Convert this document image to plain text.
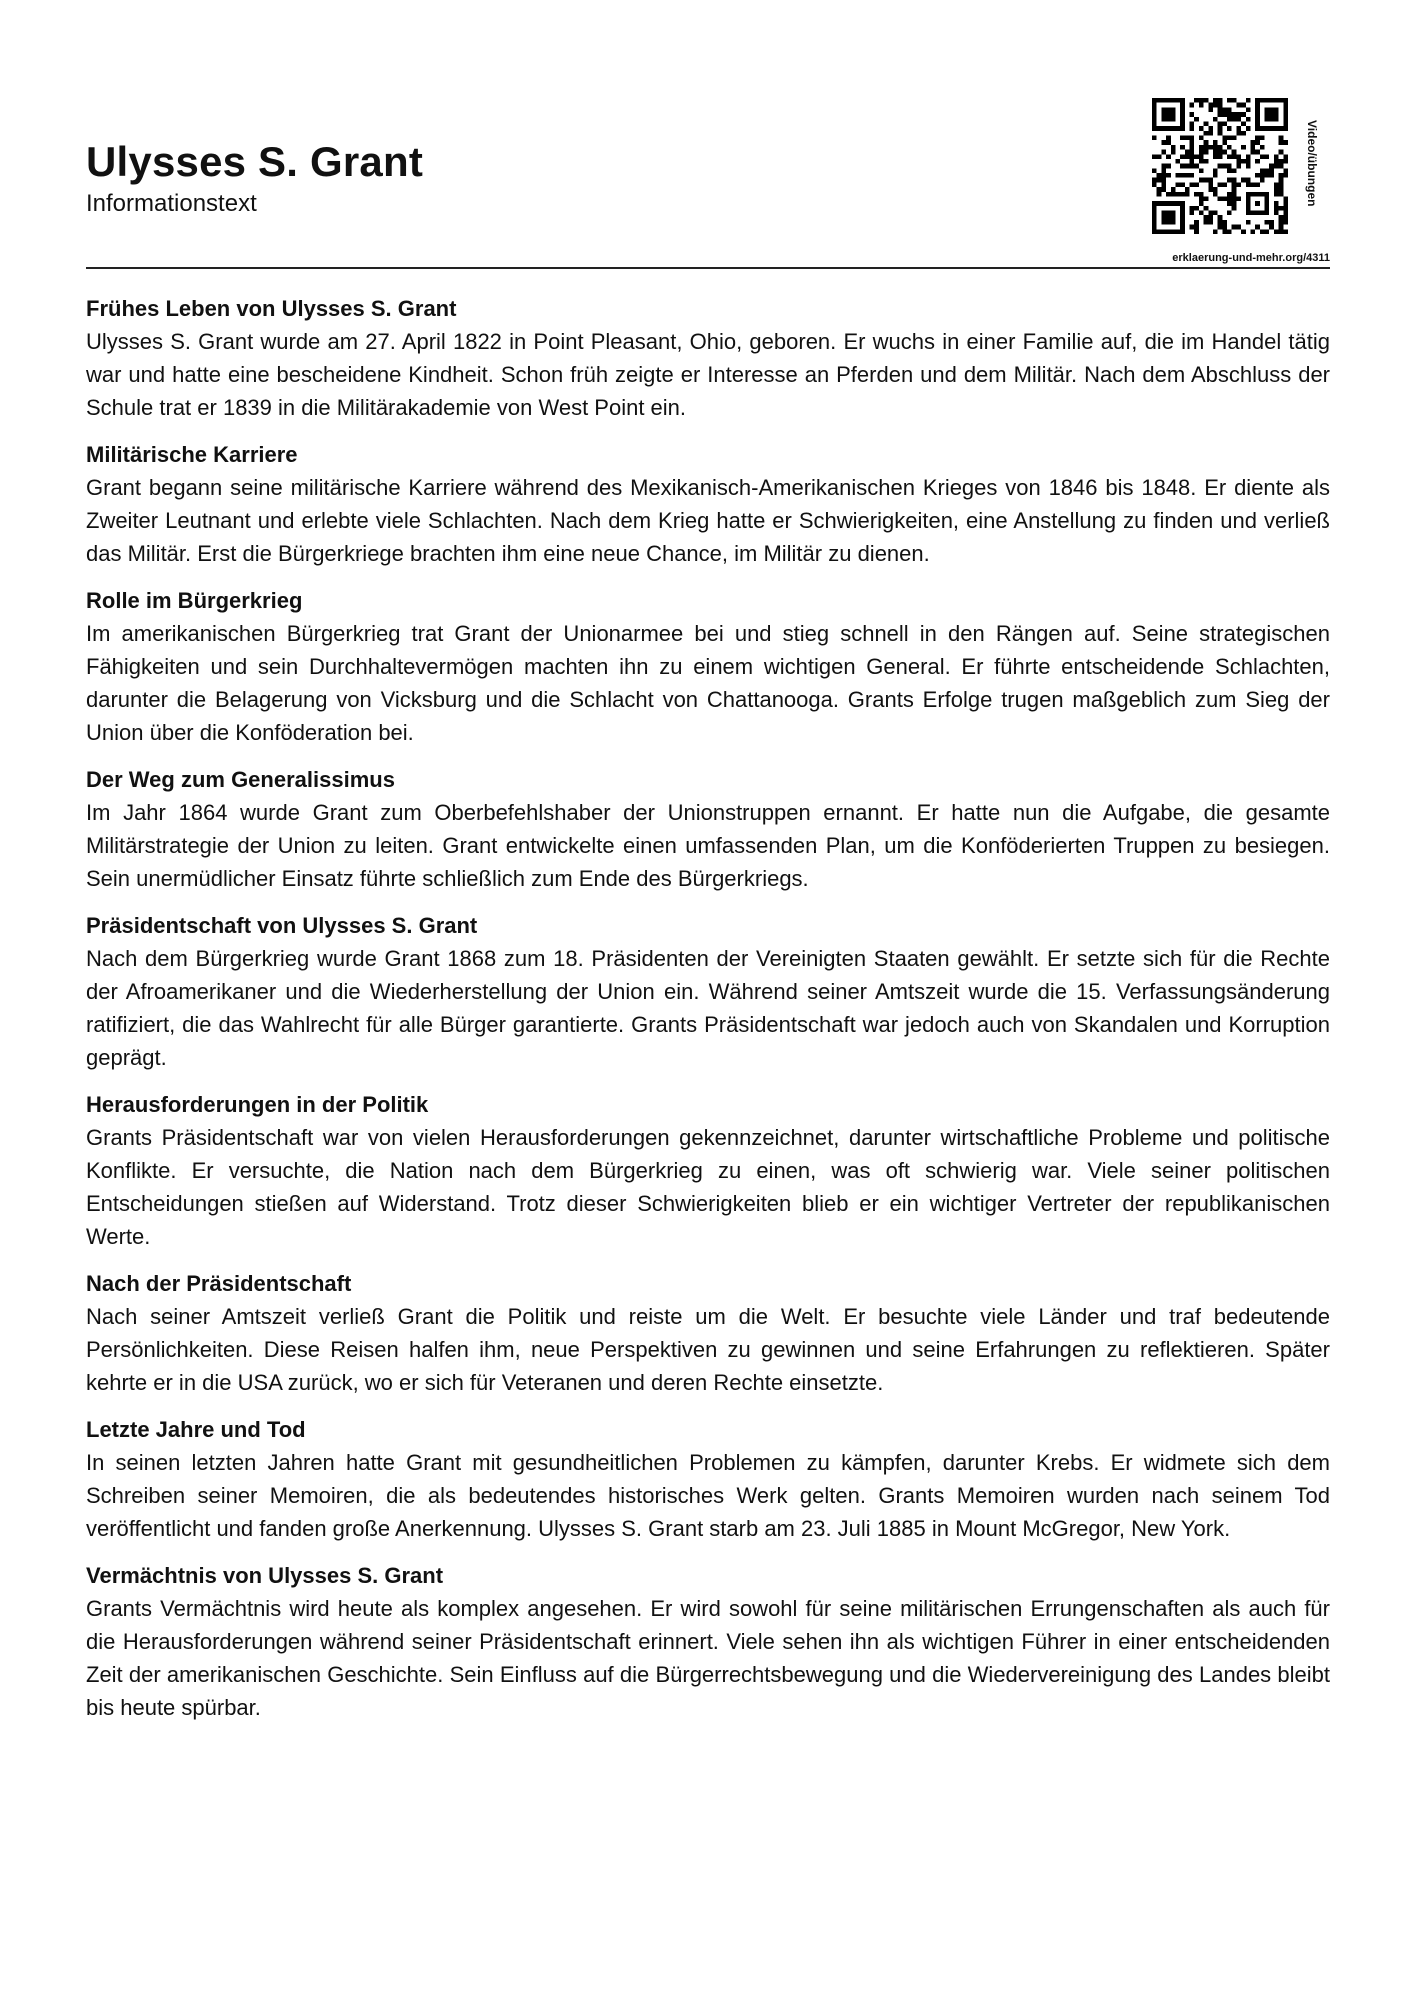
Ulysses S. Grant
Informationstext	Video/übungen
erklaerung-und-mehr.org/4311
Frühes Leben von Ulysses S. Grant

Ulysses S. Grant wurde am 27. April 1822 in Point Pleasant, Ohio, geboren. Er wuchs in einer Familie auf, die im Handel tätig war und hatte eine bescheidene Kindheit. Schon früh zeigte er Interesse an Pferden und dem Militär. Nach dem Abschluss der Schule trat er 1839 in die Militärakademie von West Point ein.

Militärische Karriere

Grant begann seine militärische Karriere während des Mexikanisch-Amerikanischen Krieges von 1846 bis 1848. Er diente als Zweiter Leutnant und erlebte viele Schlachten. Nach dem Krieg hatte er Schwierigkeiten, eine Anstellung zu finden und verließ das Militär. Erst die Bürgerkriege brachten ihm eine neue Chance, im Militär zu dienen.

Rolle im Bürgerkrieg

Im amerikanischen Bürgerkrieg trat Grant der Unionarmee bei und stieg schnell in den Rängen auf. Seine strategischen Fähigkeiten und sein Durchhaltevermögen machten ihn zu einem wichtigen General. Er führte entscheidende Schlachten, darunter die Belagerung von Vicksburg und die Schlacht von Chattanooga. Grants Erfolge trugen maßgeblich zum Sieg der Union über die Konföderation bei.

Der Weg zum Generalissimus

Im Jahr 1864 wurde Grant zum Oberbefehlshaber der Unionstruppen ernannt. Er hatte nun die Aufgabe, die gesamte Militärstrategie der Union zu leiten. Grant entwickelte einen umfassenden Plan, um die Konföderierten Truppen zu besiegen. Sein unermüdlicher Einsatz führte schließlich zum Ende des Bürgerkriegs.

Präsidentschaft von Ulysses S. Grant

Nach dem Bürgerkrieg wurde Grant 1868 zum 18. Präsidenten der Vereinigten Staaten gewählt. Er setzte sich für die Rechte der Afroamerikaner und die Wiederherstellung der Union ein. Während seiner Amtszeit wurde die 15. Verfassungsänderung ratifiziert, die das Wahlrecht für alle Bürger garantierte. Grants Präsidentschaft war jedoch auch von Skandalen und Korruption geprägt.

Herausforderungen in der Politik

Grants Präsidentschaft war von vielen Herausforderungen gekennzeichnet, darunter wirtschaftliche Probleme und politische Konflikte. Er versuchte, die Nation nach dem Bürgerkrieg zu einen, was oft schwierig war. Viele seiner politischen Entscheidungen stießen auf Widerstand. Trotz dieser Schwierigkeiten blieb er ein wichtiger Vertreter der republikanischen Werte.

Nach der Präsidentschaft

Nach seiner Amtszeit verließ Grant die Politik und reiste um die Welt. Er besuchte viele Länder und traf bedeutende Persönlichkeiten. Diese Reisen halfen ihm, neue Perspektiven zu gewinnen und seine Erfahrungen zu reflektieren. Später kehrte er in die USA zurück, wo er sich für Veteranen und deren Rechte einsetzte.

Letzte Jahre und Tod

In seinen letzten Jahren hatte Grant mit gesundheitlichen Problemen zu kämpfen, darunter Krebs. Er widmete sich dem Schreiben seiner Memoiren, die als bedeutendes historisches Werk gelten. Grants Memoiren wurden nach seinem Tod veröffentlicht und fanden große Anerkennung. Ulysses S. Grant starb am 23. Juli 1885 in Mount McGregor, New York.

Vermächtnis von Ulysses S. Grant

Grants Vermächtnis wird heute als komplex angesehen. Er wird sowohl für seine militärischen Errungenschaften als auch für die Herausforderungen während seiner Präsidentschaft erinnert. Viele sehen ihn als wichtigen Führer in einer entscheidenden Zeit der amerikanischen Geschichte. Sein Einfluss auf die Bürgerrechtsbewegung und die Wiedervereinigung des Landes bleibt bis heute spürbar.
